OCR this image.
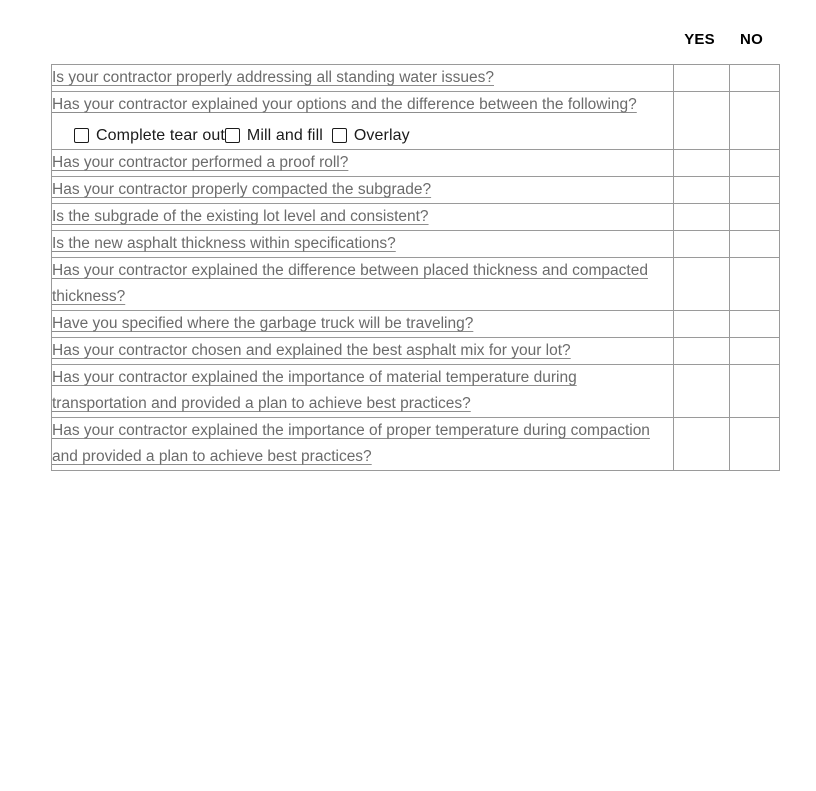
YES	NO
Is your contractor properly addressing all standing water issues?		
Has your contractor explained your options and the difference between the following?
Complete tear out Mill and fill Overlay		

Has your contractor performed a proof roll?		
Has your contractor properly compacted the subgrade?		
Is the subgrade of the existing lot level and consistent?		
Is the new asphalt thickness within specifications?		
Has your contractor explained the difference between placed thickness and compacted thickness?		
Have you specified where the garbage truck will be traveling?		
Has your contractor chosen and explained the best asphalt mix for your lot?		
Has your contractor explained the importance of material temperature during transportation and provided a plan to achieve best practices?		
Has your contractor explained the importance of proper temperature during compaction and provided a plan to achieve best practices?		
